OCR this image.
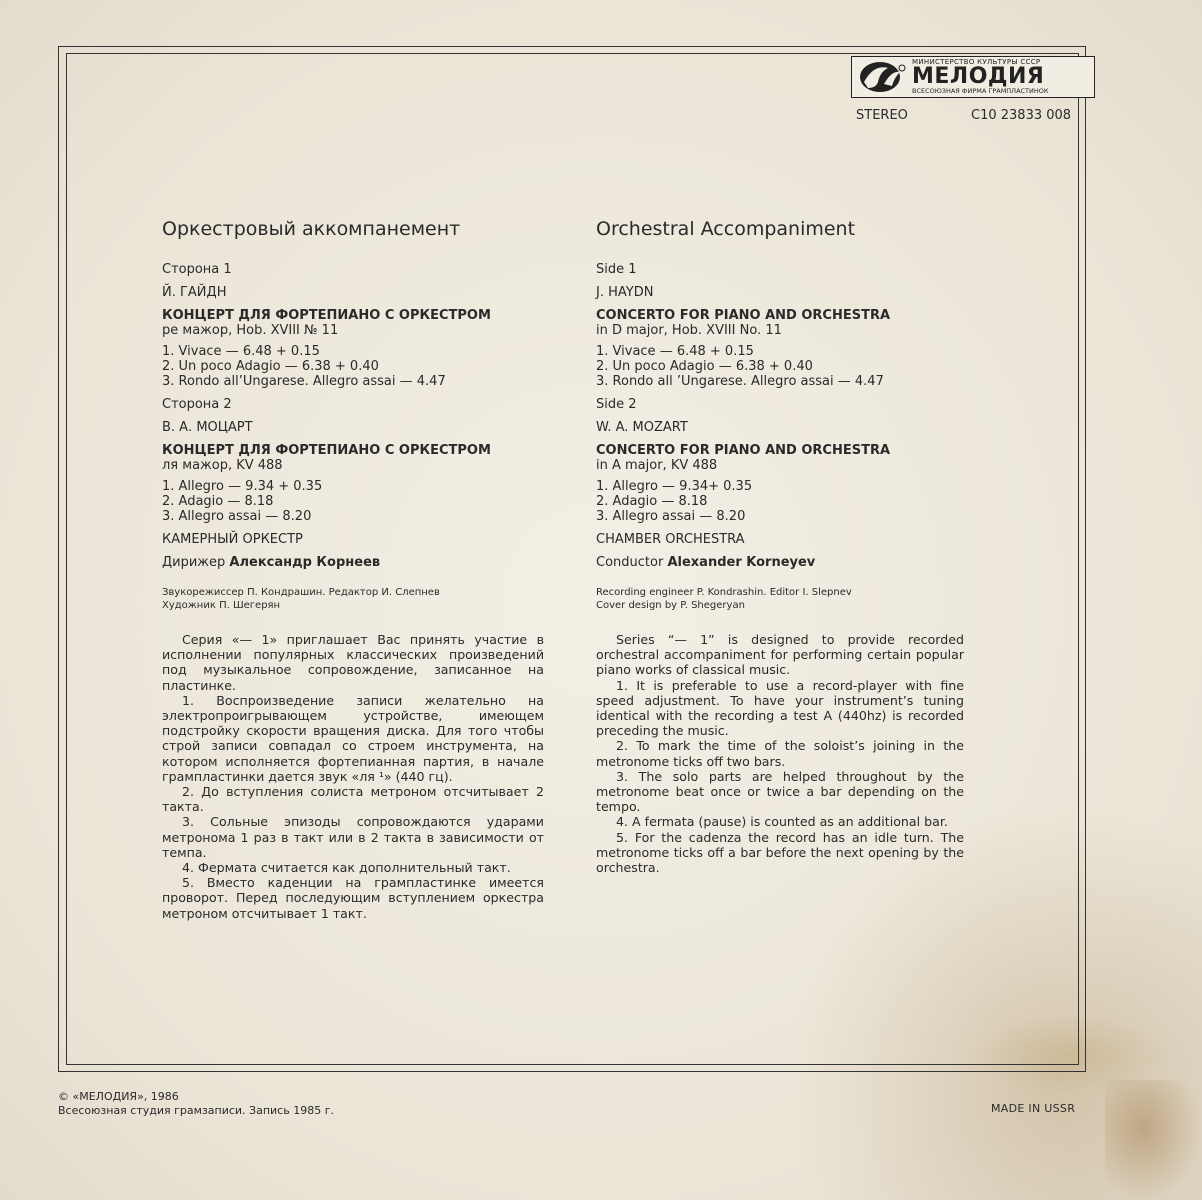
МИНИСТЕРСТВО КУЛЬТУРЫ СССР
МЕЛОДИЯ
ВСЕСОЮЗНАЯ ФИРМА ГРАМПЛАСТИНОК
STEREO	С10 23833 008
Оркестровый аккомпанемент
Сторона 1
Й. ГАЙДН
КОНЦЕРТ ДЛЯ ФОРТЕПИАНО С ОРКЕСТРОМ
ре мажор, Hob. XVIII № 11
1. Vivace — 6.48 + 0.15
2. Un poco Adagio — 6.38 + 0.40
3. Rondo all’Ungarese. Allegro assai — 4.47
Сторона 2
В. А. МОЦАРТ
КОНЦЕРТ ДЛЯ ФОРТЕПИАНО С ОРКЕСТРОМ
ля мажор, KV 488
1. Allegro — 9.34 + 0.35
2. Adagio — 8.18
3. Allegro assai — 8.20
КАМЕРНЫЙ ОРКЕСТР
Дирижер Александр Корнеев
Звукорежиссер П. Кондрашин. Редактор И. Слепнев
Художник П. Шегерян
Orchestral Accompaniment
Side 1
J. HAYDN
CONCERTO FOR PIANO AND ORCHESTRA
in D major, Hob. XVIII No. 11
1. Vivace — 6.48 + 0.15
2. Un poco Adagio — 6.38 + 0.40
3. Rondo all ’Ungarese. Allegro assai — 4.47
Side 2
W. A. MOZART
CONCERTO FOR PIANO AND ORCHESTRA
in A major, KV 488
1. Allegro — 9.34+ 0.35
2. Adagio — 8.18
3. Allegro assai — 8.20
CHAMBER ORCHESTRA
Conductor Alexander Korneyev
Recording engineer P. Kondrashin. Editor I. Slepnev
Cover design by P. Shegeryan

Серия «— 1» приглашает Вас принять участие в исполнении популярных классических произведений под музыкальное сопровождение, записанное на пластинке.

1. Воспроизведение записи желательно на электропроигрывающем устройстве, имеющем подстройку скорости вращения диска. Для того чтобы строй записи совпадал со строем инструмента, на котором исполняется фортепианная партия, в начале грампластинки дается звук «ля ¹» (440 гц).

2. До вступления солиста метроном отсчитывает 2 такта.

3. Сольные эпизоды сопровождаются ударами метронома 1 раз в такт или в 2 такта в зависимости от темпа.

4. Фермата считается как дополнительный такт.

5. Вместо каденции на грампластинке имеется проворот. Перед последующим вступлением оркестра метроном отсчитывает 1 такт.

Series “— 1” is designed to provide recorded orchestral accompaniment for performing certain popular piano works of classical music.

1. It is preferable to use a record-player with fine speed adjustment. To have your instrument’s tuning identical with the recording a test A (440hz) is recorded preceding the music.

2. To mark the time of the soloist’s joining in the metronome ticks off two bars.

3. The solo parts are helped throughout by the metronome beat once or twice a bar depending on the tempo.

4. A fermata (pause) is counted as an additional bar.

5. For the cadenza the record has an idle turn. The metronome ticks off a bar before the next opening by the orchestra.

© «МЕЛОДИЯ», 1986
Всесоюзная студия грамзаписи. Запись 1985 г.	MADE IN USSR
